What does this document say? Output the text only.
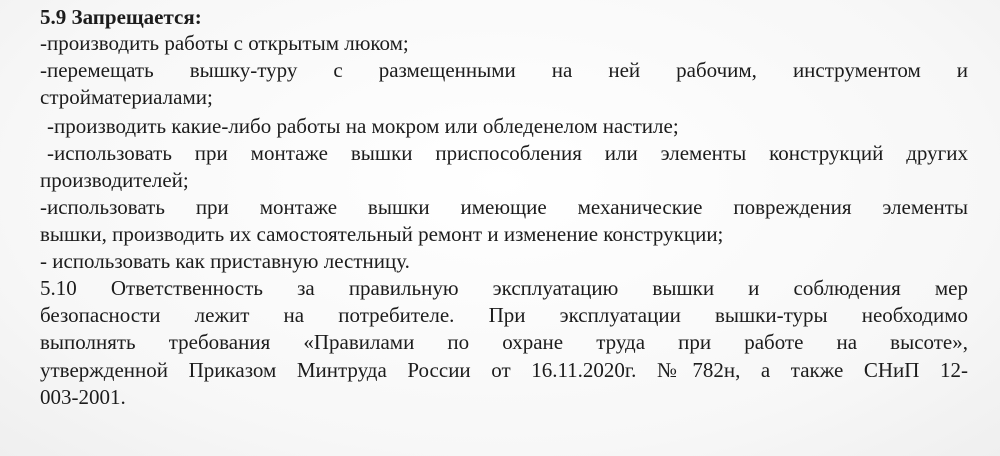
5.9 Запрещается:
-производить работы с открытым люком;
-перемещать вышку-туру с размещенными на ней рабочим, инструментом и
стройматериалами;
-производить какие-либо работы на мокром или обледенелом настиле;
-использовать при монтаже вышки приспособления или элементы конструкций других
производителей;
-использовать при монтаже вышки имеющие механические повреждения элементы
вышки, производить их самостоятельный ремонт и изменение конструкции;
- использовать как приставную лестницу.
5.10 Ответственность за правильную эксплуатацию вышки и соблюдения мер
безопасности лежит на потребителе. При эксплуатации вышки-туры необходимо
выполнять требования «Правилами по охране труда при работе на высоте»,
утвержденной Приказом Минтруда России от 16.11.2020г. №782н, а также СНиП 12-
003-2001.
